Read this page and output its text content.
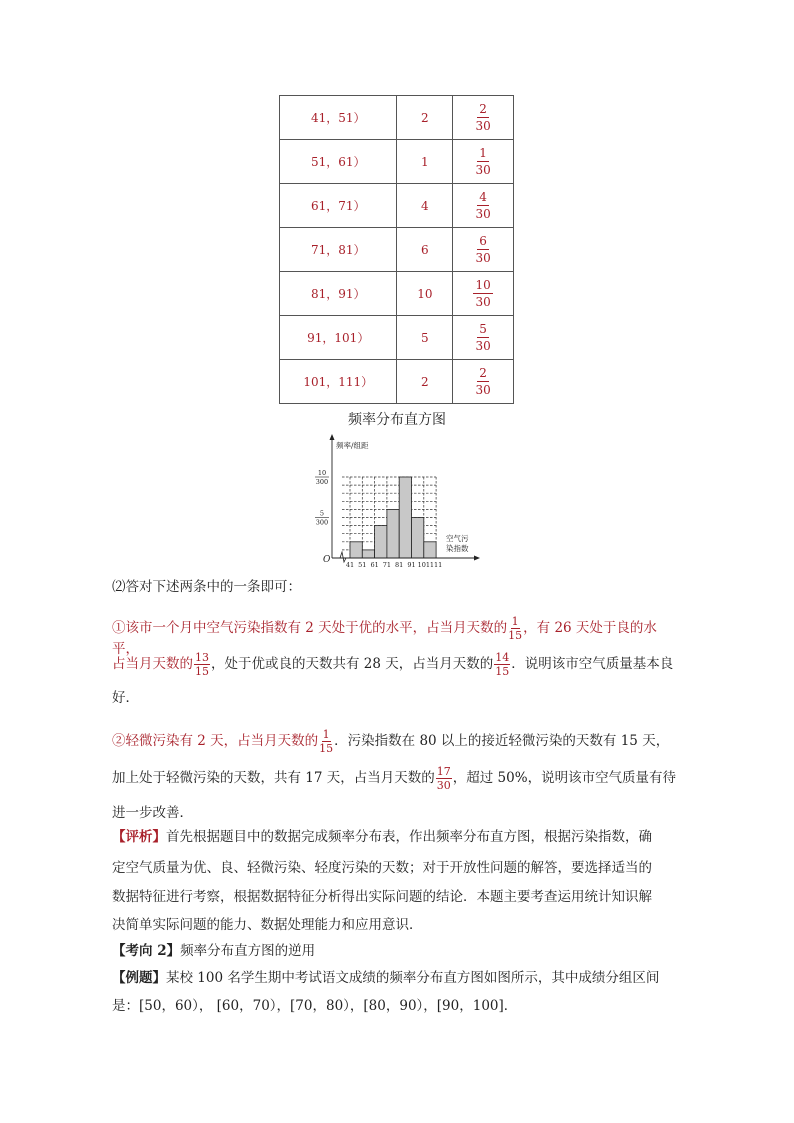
41，51）	2	$\frac{2}{30}$

51，61）	1	$\frac{1}{30}$

61，71）	4	$\frac{4}{30}$

71，81）	6	$\frac{6}{30}$

81，91）	10	$\frac{10}{30}$

91，101）	5	$\frac{5}{30}$

101，111）	2	$\frac{2}{30}$
频率分布直方图
频率/组距
10
300
5
300
O 41 51 61 71 81 91 101 111
空气污
染指数
⑵答对下述两条中的一条即可：
①该市一个月中空气污染指数有 2 天处于优的水平，占当月天数的 $\frac{1}{15}$ ，有 26 天处于良的水平，
占当月天数的 $\frac{13}{15}$ ，处于优或良的天数共有 28 天，占当月天数的 $\frac{14}{15}$ ．说明该市空气质量基本良
好．
②轻微污染有 2 天，占当月天数的 $\frac{1}{15}$ ．污染指数在 80 以上的接近轻微污染的天数有 15 天，
加上处于轻微污染的天数，共有 17 天，占当月天数的 $\frac{17}{30}$ ，超过 50%，说明该市空气质量有待
进一步改善．
【评析】首先根据题目中的数据完成频率分布表，作出频率分布直方图，根据污染指数，确
定空气质量为优、良、轻微污染、轻度污染的天数；对于开放性问题的解答，要选择适当的
数据特征进行考察，根据数据特征分析得出实际问题的结论．本题主要考查运用统计知识解
决简单实际问题的能力、数据处理能力和应用意识．
【考向 2】频率分布直方图的逆用
【例题】某校 100 名学生期中考试语文成绩的频率分布直方图如图所示，其中成绩分组区间
是：[50，60）， [60，70），[70，80），[80，90），[90，100]．
